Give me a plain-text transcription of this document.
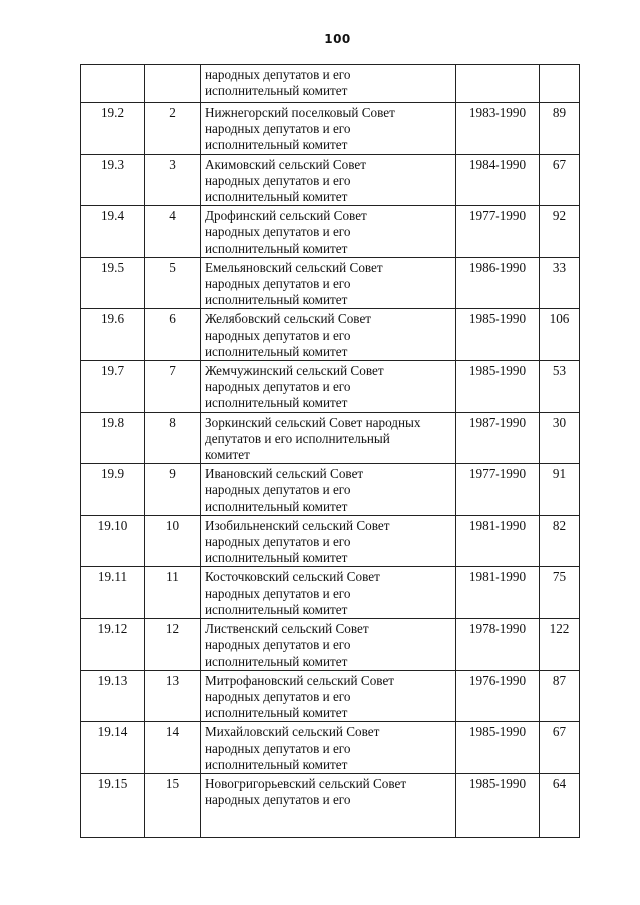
100

		народных депутатов и его
исполнительный комитет		

19.2	2	Нижнегорский поселковый Совет
народных депутатов и его
исполнительный комитет	1983-1990	89
19.3	3	Акимовский сельский Совет
народных депутатов и его
исполнительный комитет	1984-1990	67
19.4	4	Дрофинский сельский Совет
народных депутатов и его
исполнительный комитет	1977-1990	92
19.5	5	Емельяновский сельский Совет
народных депутатов и его
исполнительный комитет	1986-1990	33
19.6	6	Желябовский сельский Совет
народных депутатов и его
исполнительный комитет	1985-1990	106
19.7	7	Жемчужинский сельский Совет
народных депутатов и его
исполнительный комитет	1985-1990	53
19.8	8	Зоркинский сельский Совет народных
депутатов и его исполнительный
комитет	1987-1990	30
19.9	9	Ивановский сельский Совет
народных депутатов и его
исполнительный комитет	1977-1990	91
19.10	10	Изобильненский сельский Совет
народных депутатов и его
исполнительный комитет	1981-1990	82
19.11	11	Косточковский сельский Совет
народных депутатов и его
исполнительный комитет	1981-1990	75
19.12	12	Лиственский сельский Совет
народных депутатов и его
исполнительный комитет	1978-1990	122
19.13	13	Митрофановский сельский Совет
народных депутатов и его
исполнительный комитет	1976-1990	87
19.14	14	Михайловский сельский Совет
народных депутатов и его
исполнительный комитет	1985-1990	67
19.15	15	Новогригорьевский сельский Совет
народных депутатов и его	1985-1990	64
